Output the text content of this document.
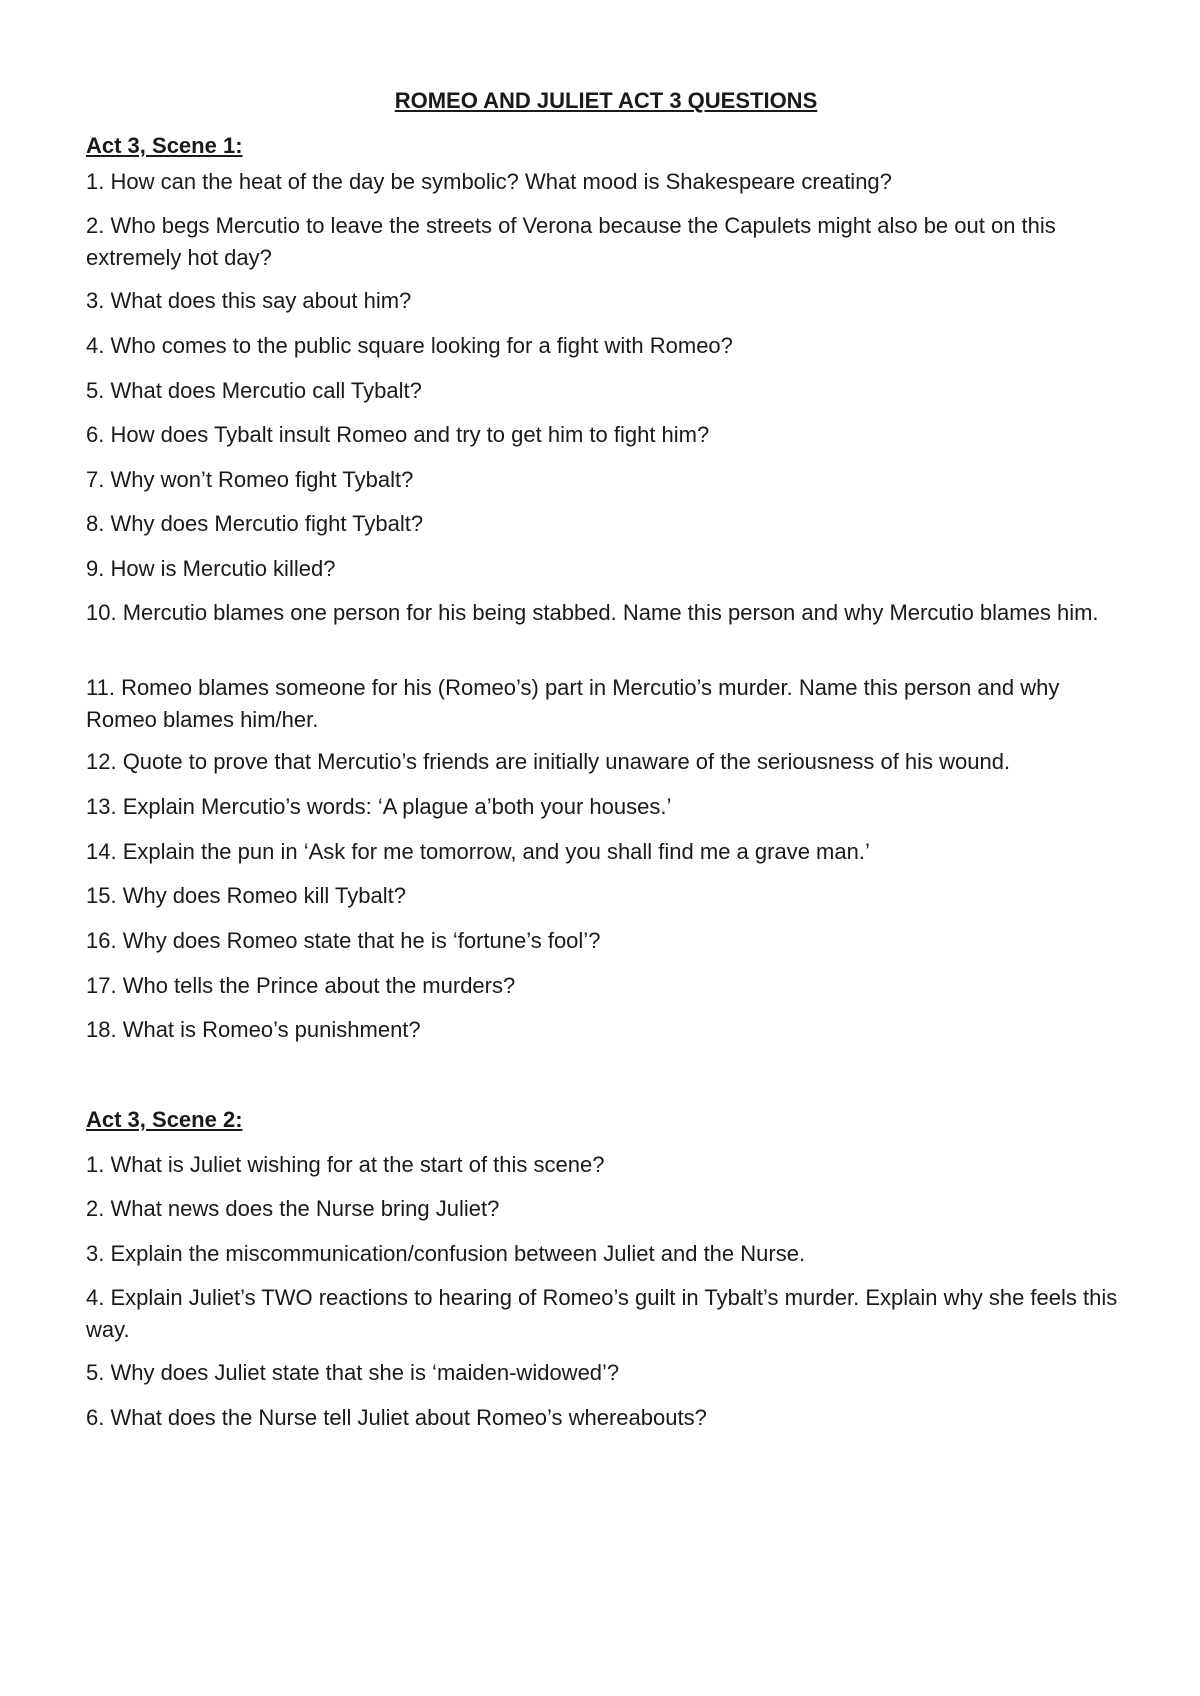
ROMEO AND JULIET ACT 3 QUESTIONS
Act 3, Scene 1:

1. How can the heat of the day be symbolic? What mood is Shakespeare creating?

2. Who begs Mercutio to leave the streets of Verona because the Capulets might also be out on this extremely hot day?

3. What does this say about him?

4. Who comes to the public square looking for a fight with Romeo?

5. What does Mercutio call Tybalt?

6. How does Tybalt insult Romeo and try to get him to fight him?

7. Why won’t Romeo fight Tybalt?

8. Why does Mercutio fight Tybalt?

9. How is Mercutio killed?

10. Mercutio blames one person for his being stabbed. Name this person and why Mercutio blames him.

11. Romeo blames someone for his (Romeo’s) part in Mercutio’s murder. Name this person and why Romeo blames him/her.

12. Quote to prove that Mercutio’s friends are initially unaware of the seriousness of his wound.

13. Explain Mercutio’s words: ‘A plague a’both your houses.’

14. Explain the pun in ‘Ask for me tomorrow, and you shall find me a grave man.’

15. Why does Romeo kill Tybalt?

16. Why does Romeo state that he is ‘fortune’s fool’?

17. Who tells the Prince about the murders?

18. What is Romeo’s punishment?

Act 3, Scene 2:

1. What is Juliet wishing for at the start of this scene?

2. What news does the Nurse bring Juliet?

3. Explain the miscommunication/confusion between Juliet and the Nurse.

4. Explain Juliet’s TWO reactions to hearing of Romeo’s guilt in Tybalt’s murder. Explain why she feels this way.

5. Why does Juliet state that she is ‘maiden-widowed’?

6. What does the Nurse tell Juliet about Romeo’s whereabouts?
